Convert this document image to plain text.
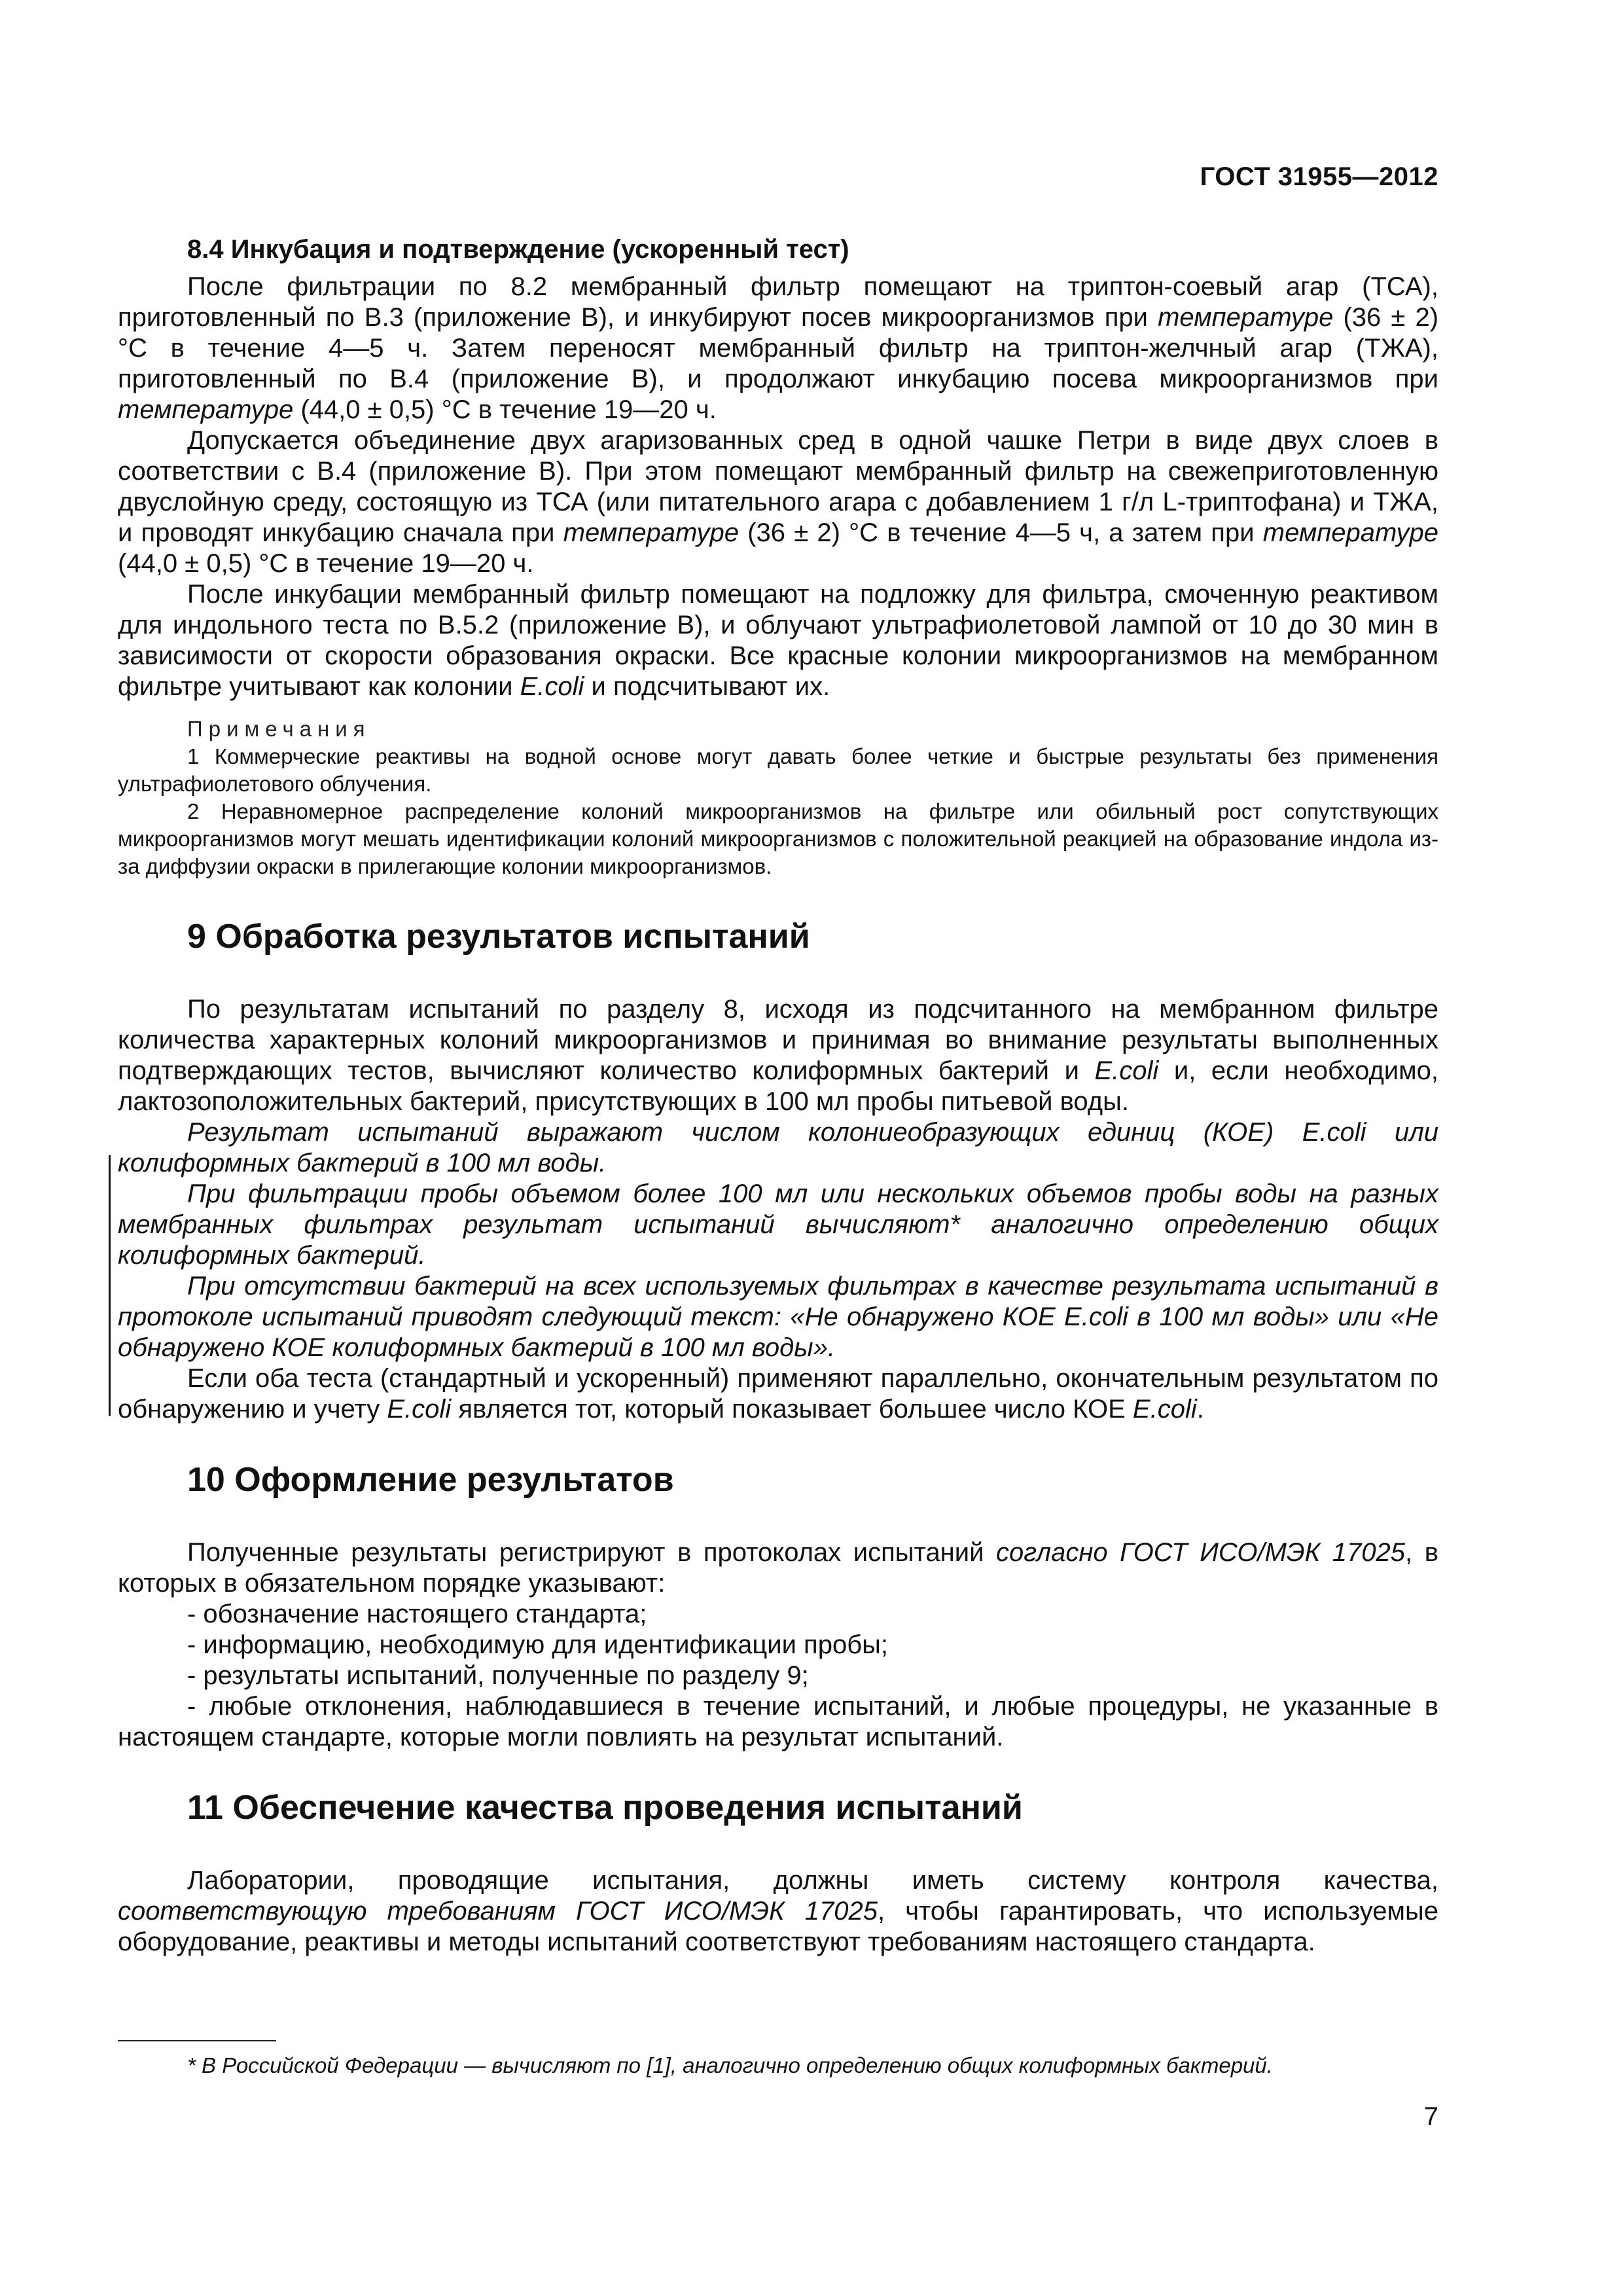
ГОСТ 31955—2012
8.4 Инкубация и подтверждение (ускоренный тест)

После фильтрации по 8.2 мембранный фильтр помещают на триптон-соевый агар (ТСА), приготовленный по В.3 (приложение В), и инкубируют посев микроорганизмов при температуре (36 ± 2) °С в течение 4—5 ч. Затем переносят мембранный фильтр на триптон-желчный агар (ТЖА), приготовленный по В.4 (приложение В), и продолжают инкубацию посева микроорганизмов при температуре (44,0 ± 0,5) °С в течение 19—20 ч.

Допускается объединение двух агаризованных сред в одной чашке Петри в виде двух слоев в соответствии с В.4 (приложение В). При этом помещают мембранный фильтр на свежеприготовленную двуслойную среду, состоящую из ТСА (или питательного агара с добавлением 1 г/л L-триптофана) и ТЖА, и проводят инкубацию сначала при температуре (36 ± 2) °С в течение 4—5 ч, а затем при температуре (44,0 ± 0,5) °С в течение 19—20 ч.

После инкубации мембранный фильтр помещают на подложку для фильтра, смоченную реактивом для индольного теста по В.5.2 (приложение В), и облучают ультрафиолетовой лампой от 10 до 30 мин в зависимости от скорости образования окраски. Все красные колонии микроорганизмов на мембранном фильтре учитывают как колонии E.coli и подсчитывают их.

Примечания
1 Коммерческие реактивы на водной основе могут давать более четкие и быстрые результаты без применения ультрафиолетового облучения.
2 Неравномерное распределение колоний микроорганизмов на фильтре или обильный рост сопутствующих микроорганизмов могут мешать идентификации колоний микроорганизмов с положительной реакцией на образование индола из-за диффузии окраски в прилегающие колонии микроорганизмов.
9 Обработка результатов испытаний

По результатам испытаний по разделу 8, исходя из подсчитанного на мембранном фильтре количества характерных колоний микроорганизмов и принимая во внимание результаты выполненных подтверждающих тестов, вычисляют количество колиформных бактерий и E.coli и, если необходимо, лактозоположительных бактерий, присутствующих в 100 мл пробы питьевой воды.

Результат испытаний выражают числом колониеобразующих единиц (КОЕ) E.coli или колиформных бактерий в 100 мл воды.

При фильтрации пробы объемом более 100 мл или нескольких объемов пробы воды на разных мембранных фильтрах результат испытаний вычисляют* аналогично определению общих колиформных бактерий.

При отсутствии бактерий на всех используемых фильтрах в качестве результата испытаний в протоколе испытаний приводят следующий текст: «Не обнаружено КОЕ E.coli в 100 мл воды» или «Не обнаружено КОЕ колиформных бактерий в 100 мл воды».

Если оба теста (стандартный и ускоренный) применяют параллельно, окончательным результатом по обнаружению и учету E.coli является тот, который показывает большее число КОЕ E.coli.

10 Оформление результатов

Полученные результаты регистрируют в протоколах испытаний согласно ГОСТ ИСО/МЭК 17025, в которых в обязательном порядке указывают:

- обозначение настоящего стандарта;

- информацию, необходимую для идентификации пробы;

- результаты испытаний, полученные по разделу 9;

- любые отклонения, наблюдавшиеся в течение испытаний, и любые процедуры, не указанные в настоящем стандарте, которые могли повлиять на результат испытаний.

11 Обеспечение качества проведения испытаний

Лаборатории, проводящие испытания, должны иметь систему контроля качества, соответствующую требованиям ГОСТ ИСО/МЭК 17025, чтобы гарантировать, что используемые оборудование, реактивы и методы испытаний соответствуют требованиям настоящего стандарта.

* В Российской Федерации — вычисляют по [1], аналогично определению общих колиформных бактерий.
7
